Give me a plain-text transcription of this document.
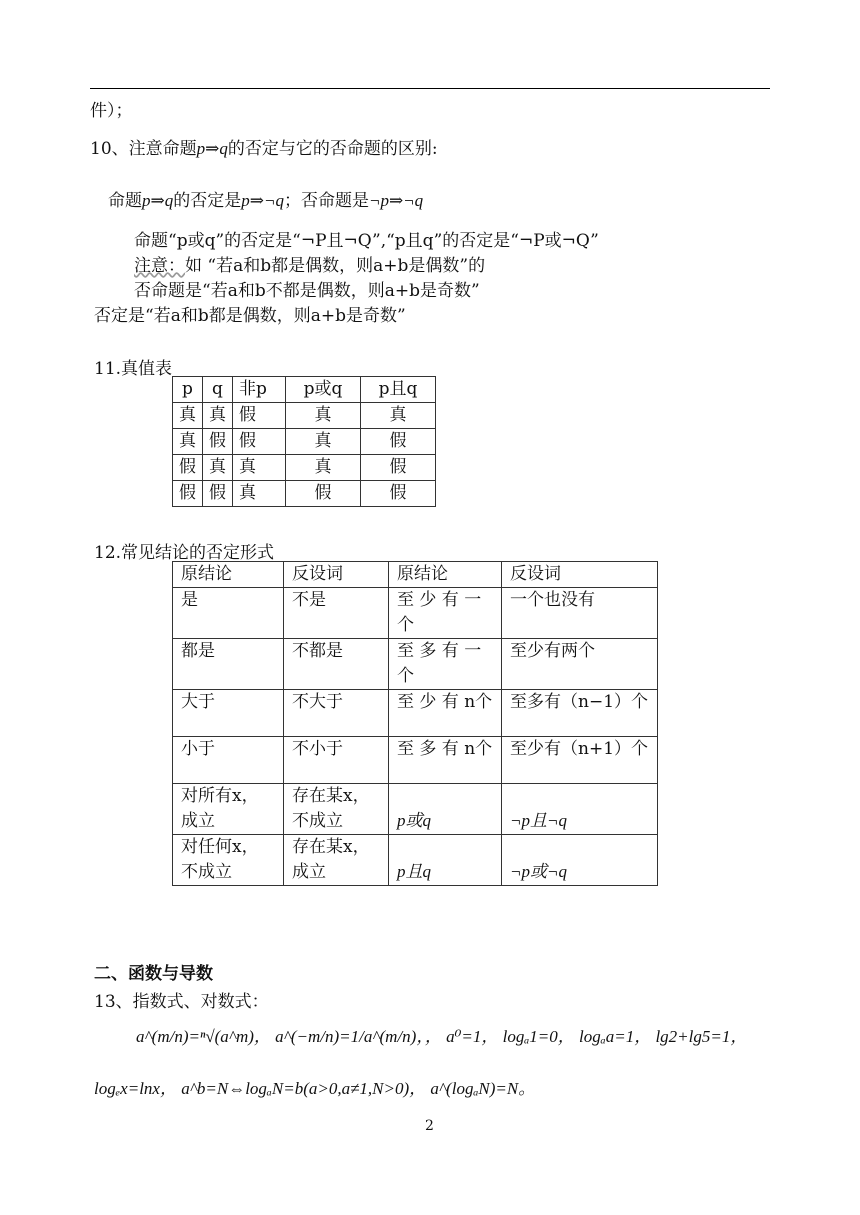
件）；
10、注意命题p⇒q的否定与它的否命题的区别:
命题p⇒q的否定是p⇒¬q；否命题是¬p⇒¬q
命题“p或q”的否定是“¬P且¬Q”,“p且q”的否定是“¬P或¬Q”
注意：如 “若a和b都是偶数，则a+b是偶数”的
否命题是“若a和b不都是偶数，则a+b是奇数”
否定是“若a和b都是偶数，则a+b是奇数”
11.真值表
p	q	非p	p或q	p且q
真	真	假	真	真
真	假	假	真	假
假	真	真	真	假
假	假	真	假	假
12.常见结论的否定形式
原结论	反设词	原结论	反设词
是	不是	至 少 有 一个	一个也没有
都是	不都是	至 多 有 一个	至少有两个
大于	不大于	至 少 有 n个	至多有（n−1）个
小于	不小于	至 多 有 n个	至少有（n+1）个
对所有x，成立	存在某x，不成立	p或q	¬p且¬q
对任何x，不成立	存在某x，成立	p且q	¬p或¬q
二、函数与导数
13、指数式、对数式：
a^(m/n)=ⁿ√(a^m)， a^(−m/n)=1/a^(m/n)，， a⁰=1， logₐ1=0， logₐa=1， lg2+lg5=1，
logₑx=lnx， a^b=N⇔logₐN=b(a>0,a≠1,N>0)， a^(logₐN)=N。
2
